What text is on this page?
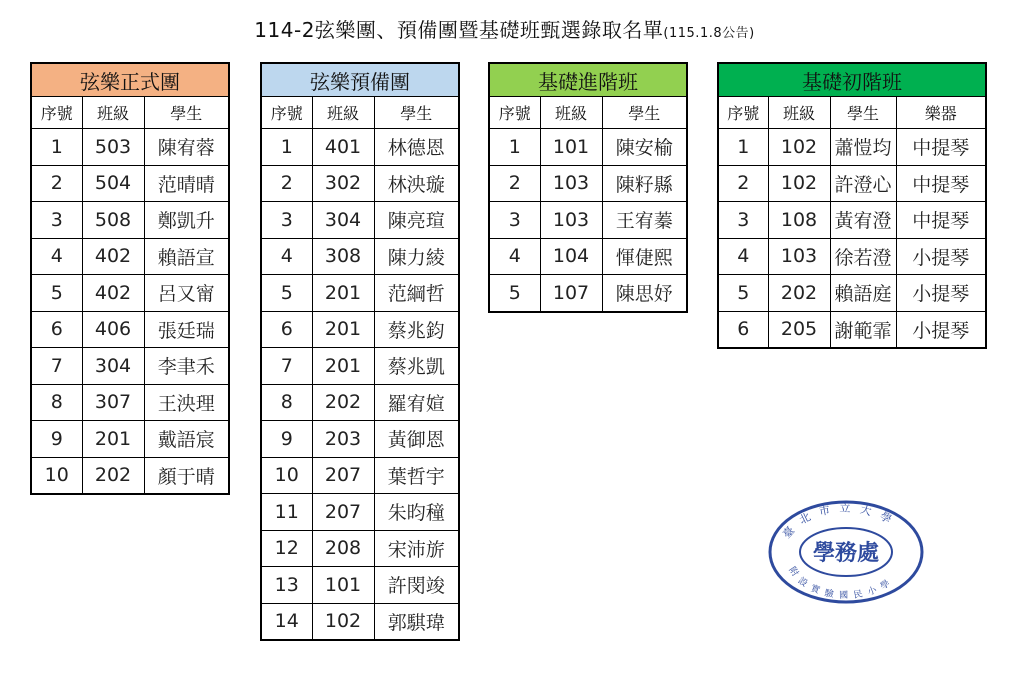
114-2弦樂團、預備團暨基礎班甄選錄取名單(115.1.8公告)
弦樂正式團		
序號	班級	學生
1	503	陳宥蓉
2	504	范晴晴
3	508	鄭凱升
4	402	賴語宣
5	402	呂又甯
6	406	張廷瑞
7	304	李聿禾
8	307	王泱理
9	201	戴語宸
10	202	顏于晴
弦樂預備團		
序號	班級	學生
1	401	林德恩
2	302	林泱璇
3	304	陳亮瑄
4	308	陳力綾
5	201	范綱哲
6	201	蔡兆鈞
7	201	蔡兆凱
8	202	羅宥媗
9	203	黃御恩
10	207	葉哲宇
11	207	朱昀穜
12	208	宋沛旂
13	101	許閔竣
14	102	郭騏瑋
基礎進階班		
序號	班級	學生
1	101	陳安榆
2	103	陳籽縣
3	103	王宥蓁
4	104	惲倢熙
5	107	陳思妤
基礎初階班			
序號	班級	學生	樂器
1	102	蕭愷均	中提琴
2	102	許澄心	中提琴
3	108	黃宥澄	中提琴
4	103	徐若澄	小提琴
5	202	賴語庭	小提琴
6	205	謝範霏	小提琴
臺北市立大學
學務處
附設實驗國民小學
